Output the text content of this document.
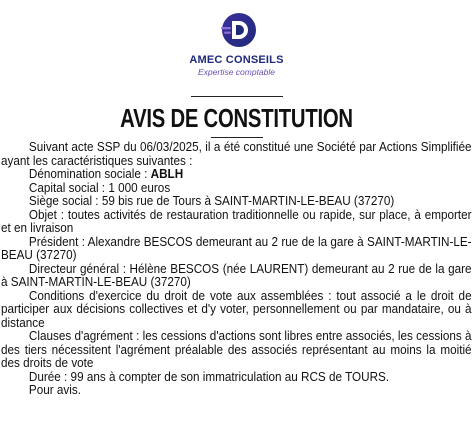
AMEC CONSEILS
Expertise comptable
AVIS DE CONSTITUTION

Suivant acte SSP du 06/03/2025, il a été constitué une Société par Actions Simplifiée ayant les caractéristiques suivantes :

Dénomination sociale : ABLH

Capital social : 1 000 euros

Siège social : 59 bis rue de Tours à SAINT-MARTIN-LE-BEAU (37270)

Objet : toutes activités de restauration traditionnelle ou rapide, sur place, à emporter et en livraison

Président : Alexandre BESCOS demeurant au 2 rue de la gare à SAINT-MARTIN-LE-BEAU (37270)

Directeur général : Hélène BESCOS (née LAURENT) demeurant au 2 rue de la gare à SAINT-MARTIN-LE-BEAU (37270)

Conditions d'exercice du droit de vote aux assemblées : tout associé a le droit de participer aux décisions collectives et d'y voter, personnellement ou par mandataire, ou à distance

Clauses d'agrément : les cessions d'actions sont libres entre associés, les cessions à des tiers nécessitent l'agrément préalable des associés représentant au moins la moitié des droits de vote

Durée : 99 ans à compter de son immatriculation au RCS de TOURS.

Pour avis.
